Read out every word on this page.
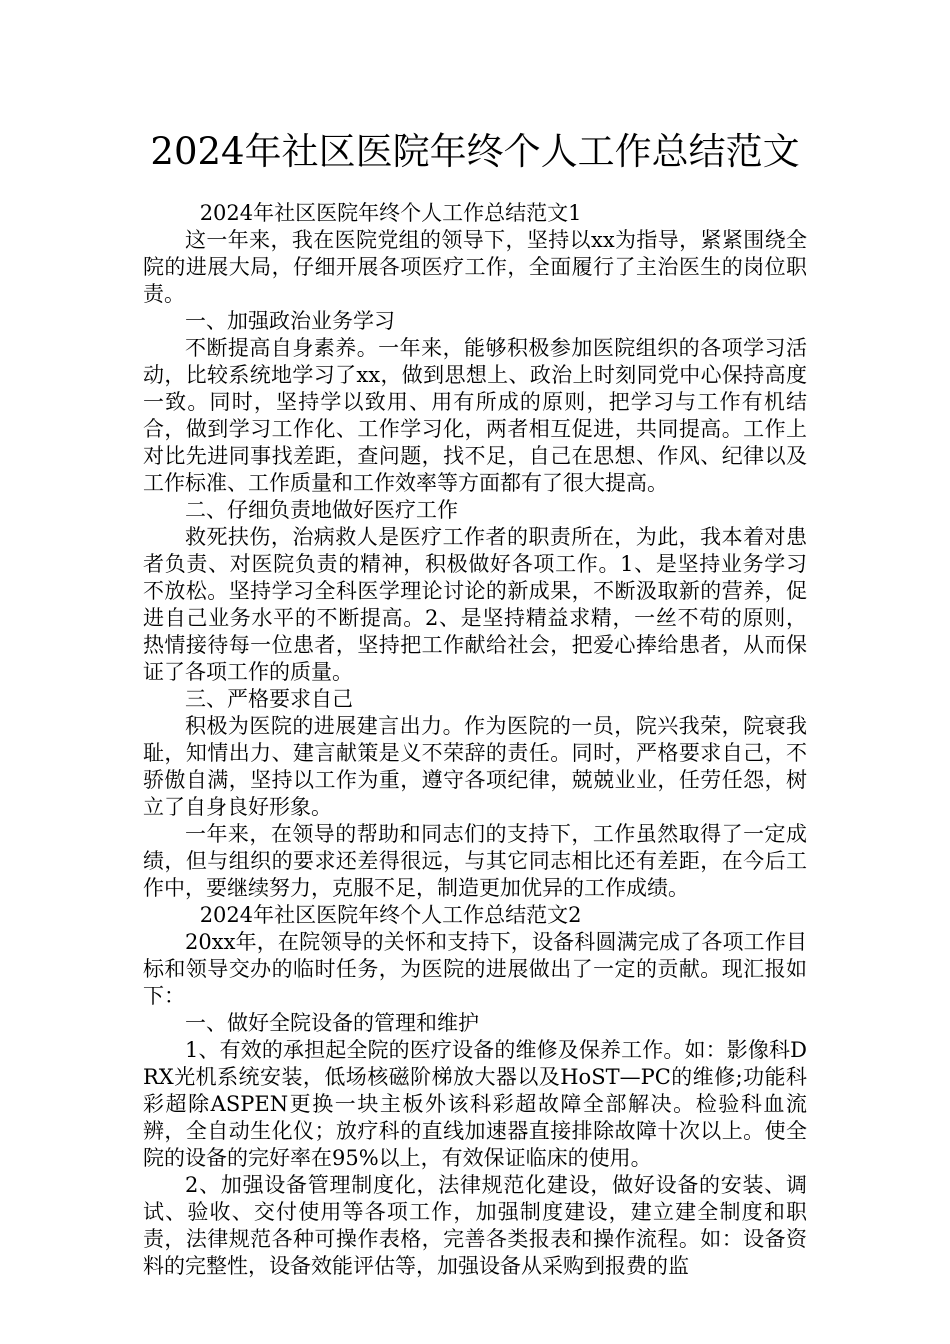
2024年社区医院年终个人工作总结范文

2024年社区医院年终个人工作总结范文1

这一年来，我在医院党组的领导下，坚持以xx为指导，紧紧围绕全院的进展大局，仔细开展各项医疗工作，全面履行了主治医生的岗位职责。

一、加强政治业务学习

不断提高自身素养。一年来，能够积极参加医院组织的各项学习活动，比较系统地学习了xx，做到思想上、政治上时刻同党中心保持高度一致。同时，坚持学以致用、用有所成的原则，把学习与工作有机结合，做到学习工作化、工作学习化，两者相互促进，共同提高。工作上对比先进同事找差距，查问题，找不足，自己在思想、作风、纪律以及工作标准、工作质量和工作效率等方面都有了很大提高。

二、仔细负责地做好医疗工作

救死扶伤，治病救人是医疗工作者的职责所在，为此，我本着对患者负责、对医院负责的精神，积极做好各项工作。1、是坚持业务学习不放松。坚持学习全科医学理论讨论的新成果，不断汲取新的营养，促进自己业务水平的不断提高。2、是坚持精益求精，一丝不苟的原则，热情接待每一位患者，坚持把工作献给社会，把爱心捧给患者，从而保证了各项工作的质量。

三、严格要求自己

积极为医院的进展建言出力。作为医院的一员，院兴我荣，院衰我耻，知情出力、建言献策是义不荣辞的责任。同时，严格要求自己，不骄傲自满，坚持以工作为重，遵守各项纪律，兢兢业业，任劳任怨，树立了自身良好形象。

一年来，在领导的帮助和同志们的支持下，工作虽然取得了一定成绩，但与组织的要求还差得很远，与其它同志相比还有差距，在今后工作中，要继续努力，克服不足，制造更加优异的工作成绩。

2024年社区医院年终个人工作总结范文2

20xx年，在院领导的关怀和支持下，设备科圆满完成了各项工作目标和领导交办的临时任务，为医院的进展做出了一定的贡献。现汇报如下：

一、做好全院设备的管理和维护

1、有效的承担起全院的医疗设备的维修及保养工作。如：影像科DRX光机系统安装，低场核磁阶梯放大器以及HoST—PC的维修;功能科彩超除ASPEN更换一块主板外该科彩超故障全部解决。检验科血流辨，全自动生化仪；放疗科的直线加速器直接排除故障十次以上。使全院的设备的完好率在95%以上，有效保证临床的使用。

2、加强设备管理制度化，法律规范化建设，做好设备的安装、调试、验收、交付使用等各项工作，加强制度建设，建立建全制度和职责，法律规范各种可操作表格，完善各类报表和操作流程。如：设备资料的完整性，设备效能评估等，加强设备从采购到报费的监
